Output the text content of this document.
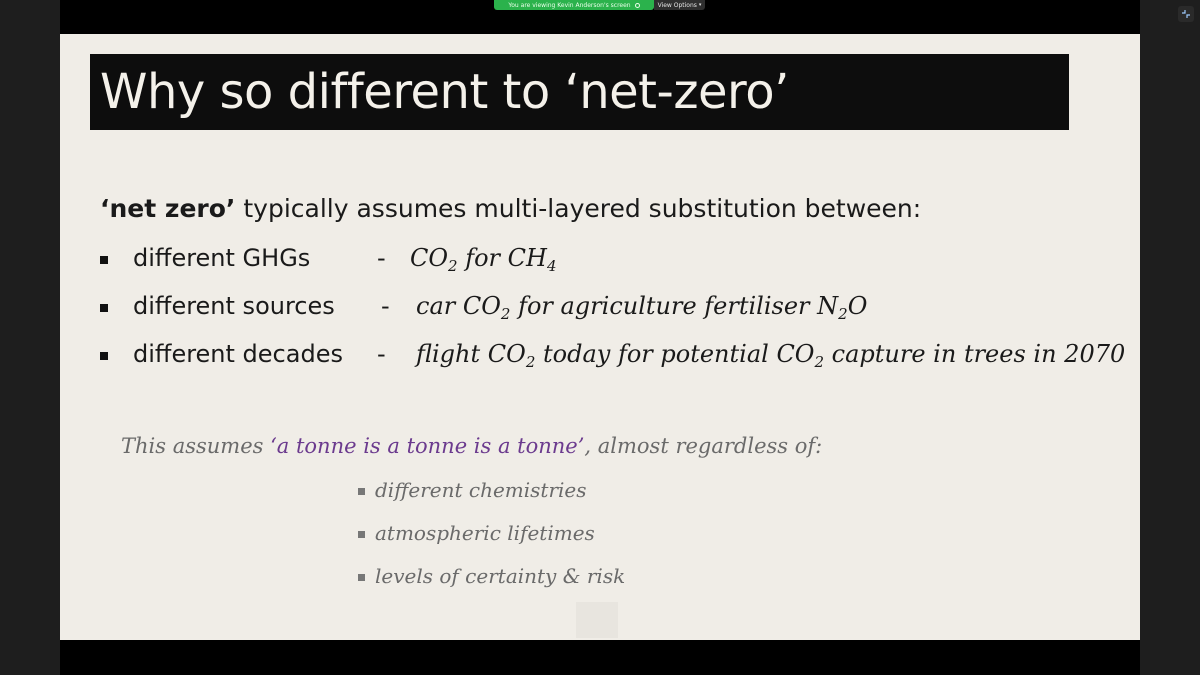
You are viewing Kevin Anderson's screen	View Options ▾
Why so different to ‘net-zero’
‘net zero’ typically assumes multi-layered substitution between:
different GHGs	- $CO_2$ for $CH_4$
different sources - car $CO_2$ for agriculture fertiliser $N_2O$
different decades - flight $CO_2$ today for potential $CO_2$ capture in trees in 2070
This assumes ‘a tonne is a tonne is a tonne’, almost regardless of:
different chemistries
atmospheric lifetimes
levels of certainty & risk
